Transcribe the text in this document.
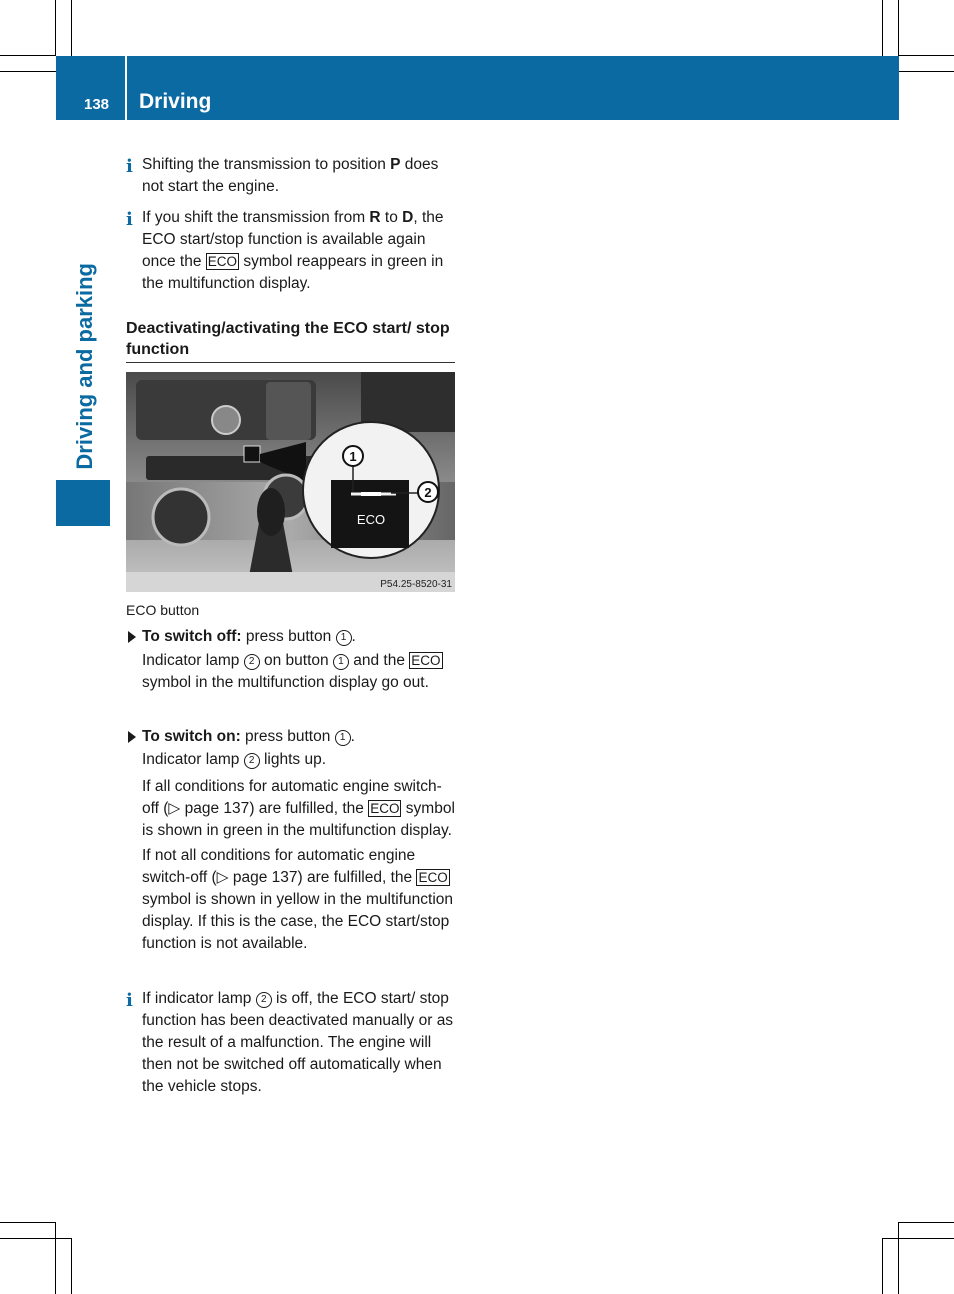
138 Driving
Driving and parking
i Shifting the transmission to position P does not start the engine.
i If you shift the transmission from R to D, the ECO start/stop function is available again once the ECO symbol reappears in green in the multifunction display.
Deactivating/activating the ECO start/ stop function
ECO
1
2
P54.25-8520-31
ECO button
To switch off: press button 1 .
Indicator lamp 2 on button 1 and the ECO symbol in the multifunction display go out.
To switch on: press button 1 .
Indicator lamp 2 lights up.
If all conditions for automatic engine switch-off (▷ page 137) are fulfilled, the ECO symbol is shown in green in the multifunction display.
If not all conditions for automatic engine switch-off (▷ page 137) are fulfilled, the ECO symbol is shown in yellow in the multifunction display. If this is the case, the ECO start/stop function is not available.
i If indicator lamp 2 is off, the ECO start/ stop function has been deactivated manually or as the result of a malfunction. The engine will then not be switched off automatically when the vehicle stops.
